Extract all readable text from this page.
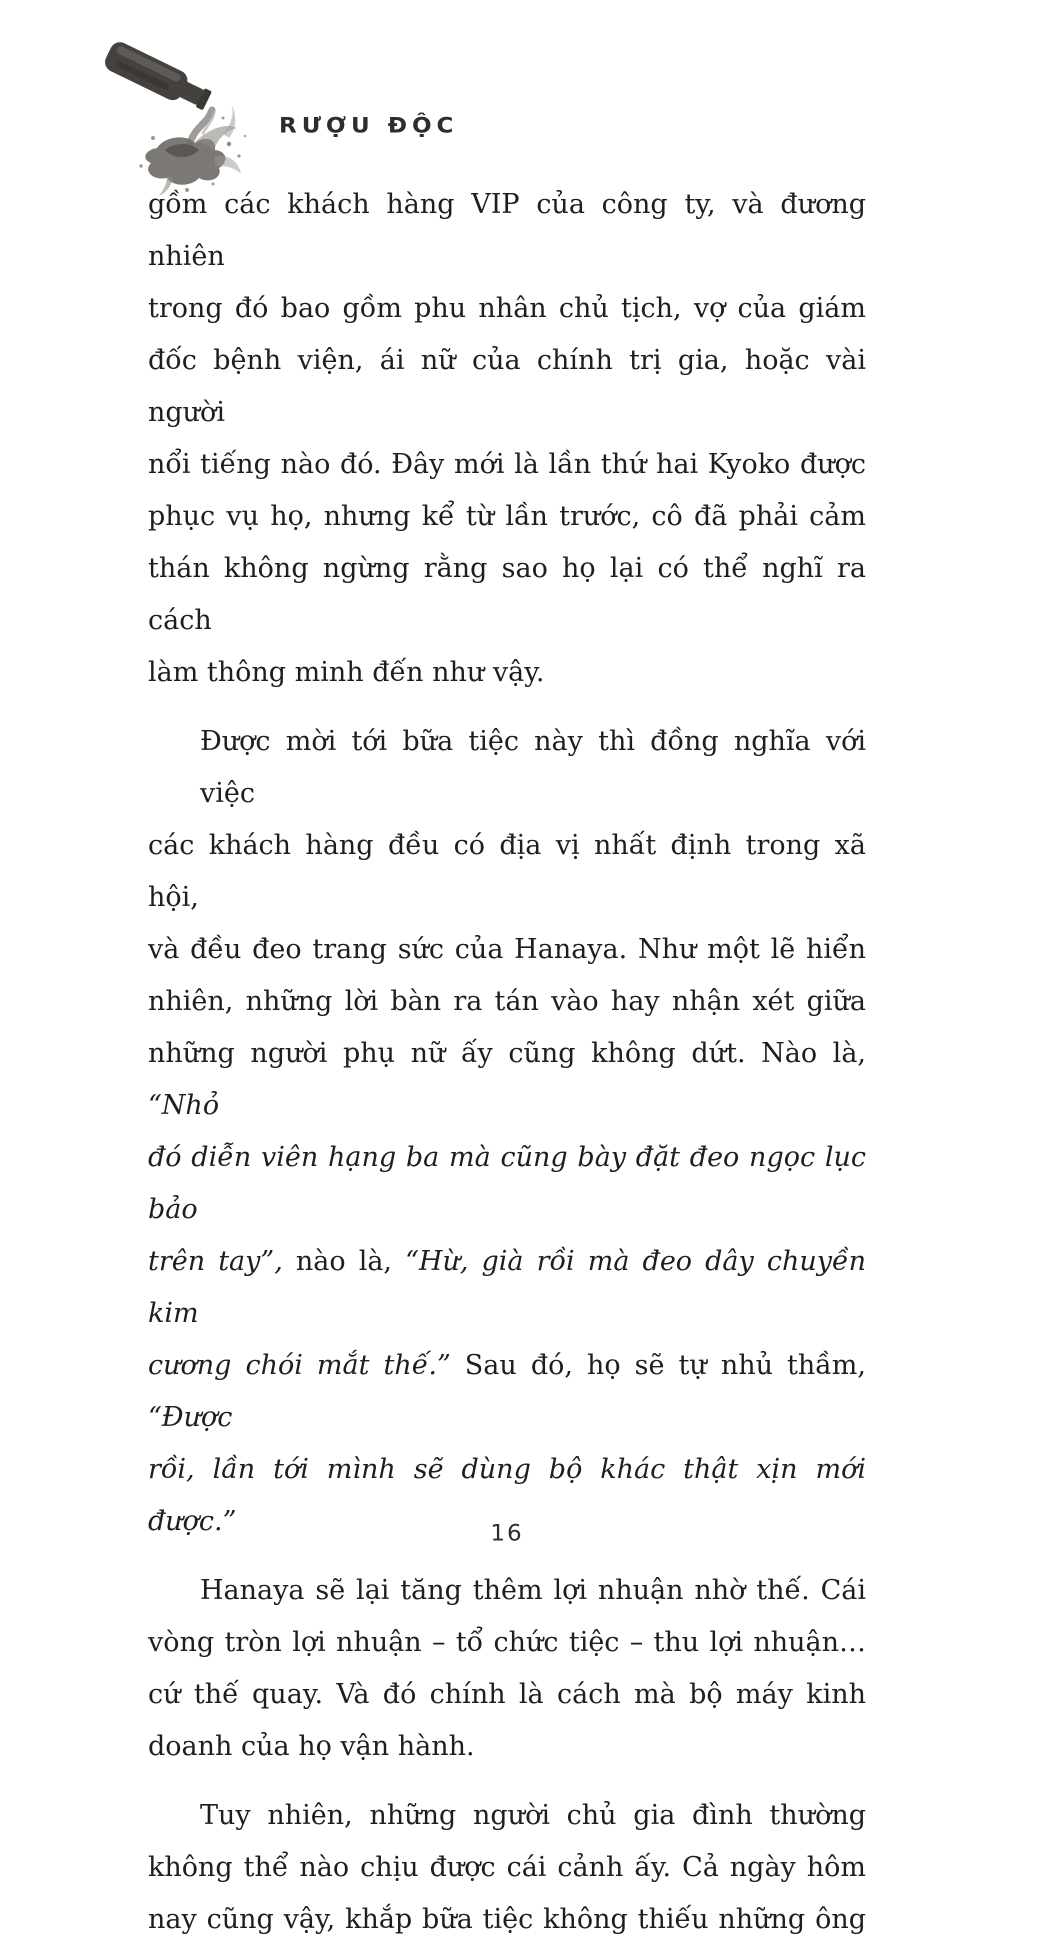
RƯỢU ĐỘC
gồm các khách hàng VIP của công ty, và đương nhiên
trong đó bao gồm phu nhân chủ tịch, vợ của giám
đốc bệnh viện, ái nữ của chính trị gia, hoặc vài người
nổi tiếng nào đó. Đây mới là lần thứ hai Kyoko được
phục vụ họ, nhưng kể từ lần trước, cô đã phải cảm
thán không ngừng rằng sao họ lại có thể nghĩ ra cách
làm thông minh đến như vậy.
Được mời tới bữa tiệc này thì đồng nghĩa với việc
các khách hàng đều có địa vị nhất định trong xã hội,
và đều đeo trang sức của Hanaya. Như một lẽ hiển
nhiên, những lời bàn ra tán vào hay nhận xét giữa
những người phụ nữ ấy cũng không dứt. Nào là, “Nhỏ
đó diễn viên hạng ba mà cũng bày đặt đeo ngọc lục bảo
trên tay”, nào là, “Hừ, già rồi mà đeo dây chuyền kim
cương chói mắt thế.” Sau đó, họ sẽ tự nhủ thầm, “Được
rồi, lần tới mình sẽ dùng bộ khác thật xịn mới được.”
Hanaya sẽ lại tăng thêm lợi nhuận nhờ thế. Cái
vòng tròn lợi nhuận – tổ chức tiệc – thu lợi nhuận…
cứ thế quay. Và đó chính là cách mà bộ máy kinh
doanh của họ vận hành.
Tuy nhiên, những người chủ gia đình thường
không thể nào chịu được cái cảnh ấy. Cả ngày hôm
nay cũng vậy, khắp bữa tiệc không thiếu những ông
16
